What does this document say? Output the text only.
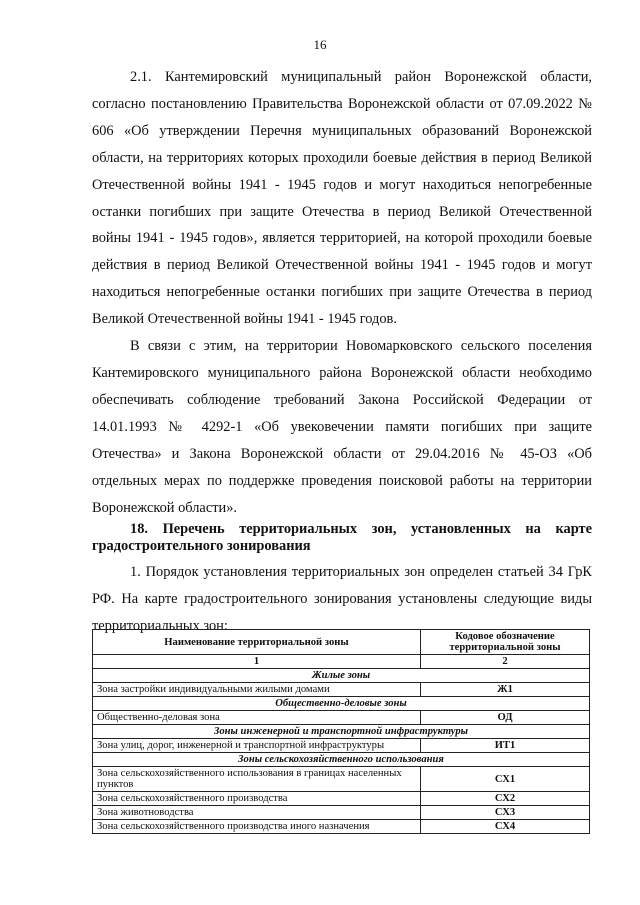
16

2.1. Кантемировский муниципальный район Воронежской области, согласно постановлению Правительства Воронежской области от 07.09.2022 № 606 «Об утверждении Перечня муниципальных образований Воронежской области, на территориях которых проходили боевые действия в период Великой Отечественной войны 1941 - 1945 годов и могут находиться непогребенные останки погибших при защите Отечества в период Великой Отечественной войны 1941 - 1945 годов», является территорией, на которой проходили боевые действия в период Великой Отечественной войны 1941 - 1945 годов и могут находиться непогребенные останки погибших при защите Отечества в период Великой Отечественной войны 1941 - 1945 годов.

В связи с этим, на территории Новомарковского сельского поселения Кантемировского муниципального района Воронежской области необходимо обеспечивать соблюдение требований Закона Российской Федерации от 14.01.1993 № 4292-1 «Об увековечении памяти погибших при защите Отечества» и Закона Воронежской области от 29.04.2016 № 45-ОЗ «Об отдельных мерах по поддержке проведения поисковой работы на территории Воронежской области».

18. Перечень территориальных зон, установленных на карте градостроительного зонирования

1. Порядок установления территориальных зон определен статьей 34 ГрК РФ. На карте градостроительного зонирования установлены следующие виды территориальных зон:

Наименование территориальной зоны	Кодовое обозначение территориальной зоны
1	2
Жилые зоны	
Зона застройки индивидуальными жилыми домами	Ж1
Общественно-деловые зоны	
Общественно-деловая зона	ОД
Зоны инженерной и транспортной инфраструктуры	
Зона улиц, дорог, инженерной и транспортной инфраструктуры	ИТ1
Зоны сельскохозяйственного использования	
Зона сельскохозяйственного использования в границах населенных пунктов	СХ1
Зона сельскохозяйственного производства	СХ2
Зона животноводства	СХ3
Зона сельскохозяйственного производства иного назначения	СХ4
